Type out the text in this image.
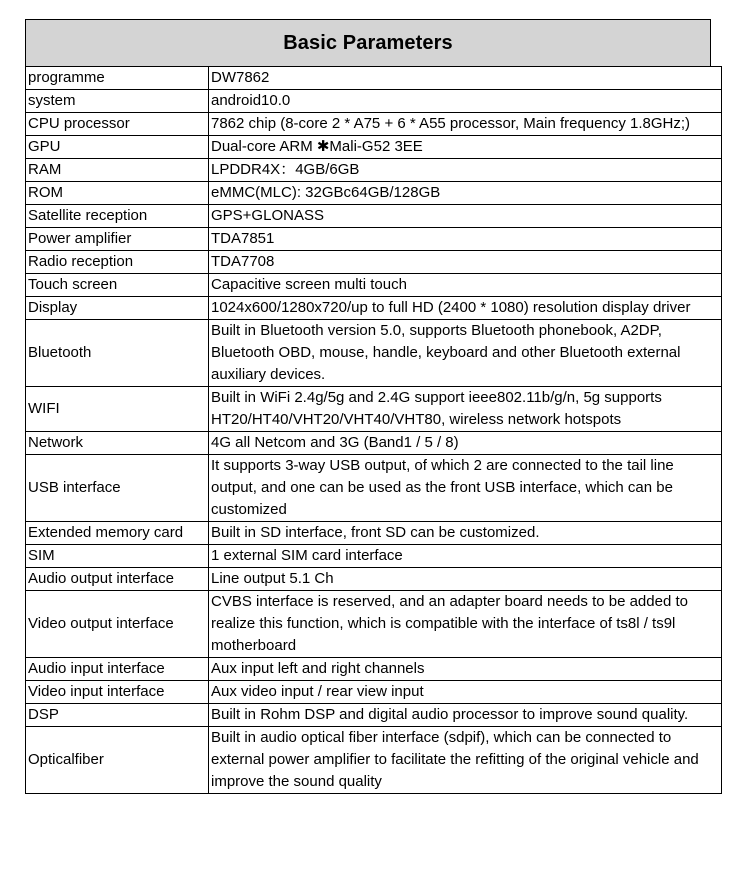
Basic Parameters
programme	DW7862
system	android10.0
CPU processor	7862 chip (8-core 2 * A75 + 6 * A55 processor, Main frequency 1.8GHz;)
GPU	Dual-core ARM ✱Mali-G52 3EE
RAM	LPDDR4X：4GB/6GB
ROM	eMMC(MLC): 32GBc64GB/128GB
Satellite reception	GPS+GLONASS
Power amplifier	TDA7851
Radio reception	TDA7708
Touch screen	Capacitive screen multi touch
Display	1024x600/1280x720/up to full HD (2400 * 1080) resolution display driver
Bluetooth	Built in Bluetooth version 5.0, supports Bluetooth phonebook, A2DP, Bluetooth OBD, mouse, handle, keyboard and other Bluetooth external auxiliary devices.
WIFI	Built in WiFi 2.4g/5g and 2.4G support ieee802.11b/g/n, 5g supports HT20/HT40/VHT20/VHT40/VHT80, wireless network hotspots
Network	4G all Netcom and 3G (Band1 / 5 / 8)
USB interface	It supports 3-way USB output, of which 2 are connected to the tail line output, and one can be used as the front USB interface, which can be customized
Extended memory card	Built in SD interface, front SD can be customized.
SIM	1 external SIM card interface
Audio output interface	Line output 5.1 Ch
Video output interface	CVBS interface is reserved, and an adapter board needs to be added to realize this function, which is compatible with the interface of ts8l / ts9l motherboard
Audio input interface	Aux input left and right channels
Video input interface	Aux video input / rear view input
DSP	Built in Rohm DSP and digital audio processor to improve sound quality.
Opticalfiber	Built in audio optical fiber interface (sdpif), which can be connected to external power amplifier to facilitate the refitting of the original vehicle and improve the sound quality
